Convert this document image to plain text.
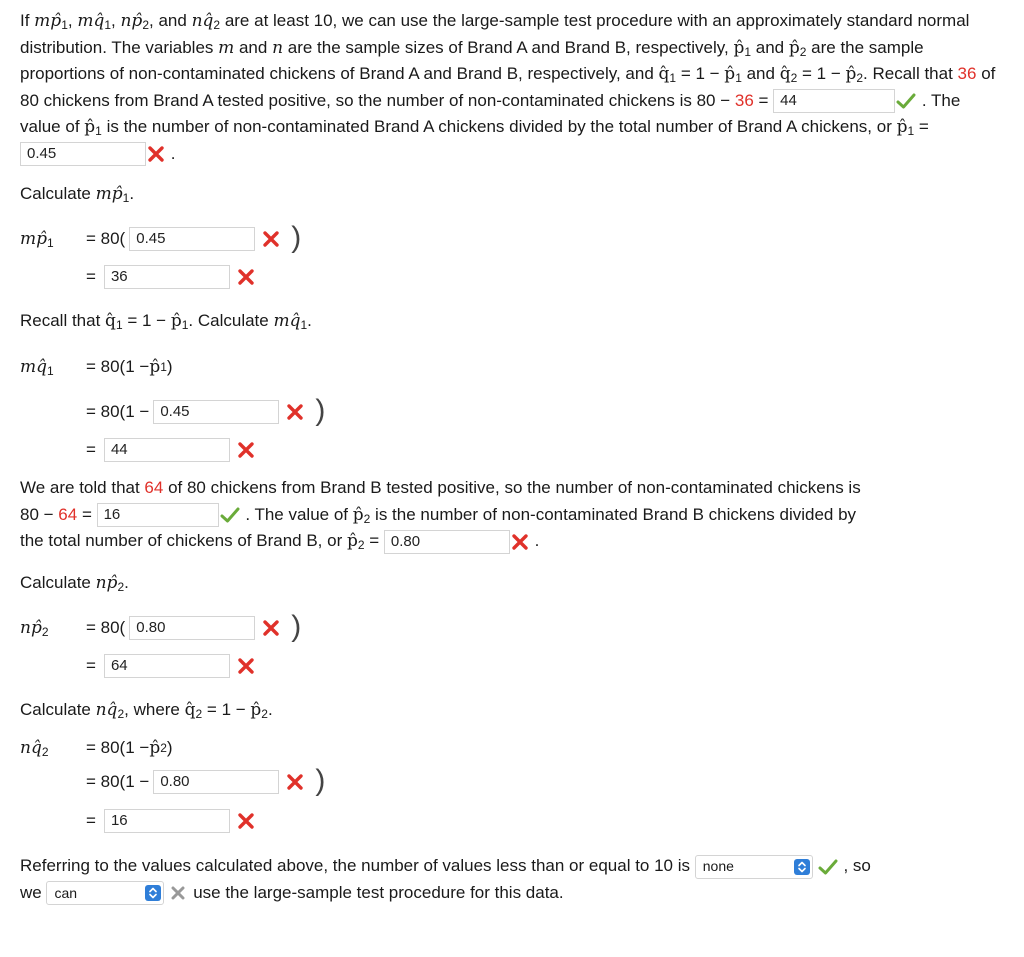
If $mp̂_1$, $mq̂_1$, $np̂_2$, and $nq̂_2$ are at least 10, we can use the large-sample test procedure with an approximately standard normal distribution. The variables m and n are the sample sizes of Brand A and Brand B, respectively, $p̂_1$ and $p̂_2$ are the sample proportions of non-contaminated chickens of Brand A and Brand B, respectively, and $q̂_1 = 1$ − $p̂_1$ and $q̂_2 = 1$ − $p̂_2$. Recall that 36 of 80 chickens from Brand A tested positive, so the number of non-contaminated chickens is 80 − 36 = 44	. The value of $p̂_1$ is the number of non-contaminated Brand A chickens divided by the total number of Brand A chickens, or $p̂_1 = 0.45$	.

Calculate $mp̂_1$.
$mp̂_1$	= 80( 0.45	)
=	36
Recall that $q̂_1 = 1$ − $p̂_1$. Calculate $mq̂_1$.
$mq̂_1$	= 80(1 − p̂ 1 )
= 80(1 − 0.45	)
=	44

We are told that 64 of 80 chickens from Brand B tested positive, so the number of non-contaminated chickens is

80 − 64 = 16	. The value of $p̂_2$ is the number of non-contaminated Brand B chickens divided by

the total number of chickens of Brand B, or $p̂_2 = 0.80$	.

Calculate $np̂_2$.
$np̂_2$	= 80( 0.80	)
=	64
Calculate $nq̂_2$, where $q̂_2 = 1$ − $p̂_2$.
$nq̂_2$	= 80(1 − p̂ 2 )
= 80(1 − 0.80	)
=	16

Referring to the values calculated above, the number of values less than or equal to 10 is none	, so

we can	use the large-sample test procedure for this data.
